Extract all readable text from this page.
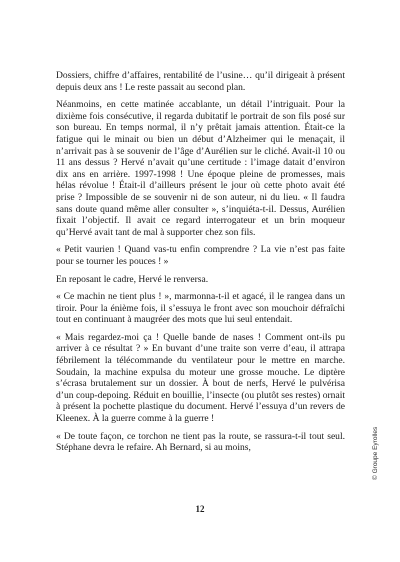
Dossiers, chiffre d’affaires, rentabilité de l’usine… qu’il dirigeait à présent depuis deux ans ! Le reste passait au second plan.

Néanmoins, en cette matinée accablante, un détail l’intriguait. Pour la dixième fois consécutive, il regarda dubitatif le portrait de son fils posé sur son bureau. En temps normal, il n’y prêtait jamais attention. Était-ce la fatigue qui le minait ou bien un début d’Alzheimer qui le menaçait, il n’arrivait pas à se souvenir de l’âge d’Aurélien sur le cliché. Avait-il 10 ou 11 ans dessus ? Hervé n’avait qu’une certitude : l’image datait d’environ dix ans en arrière. 1997-1998 ! Une époque pleine de promesses, mais hélas révolue ! Était-il d’ailleurs présent le jour où cette photo avait été prise ? Impossible de se souvenir ni de son auteur, ni du lieu. « Il faudra sans doute quand même aller consulter », s’inquiéta-t-il. Dessus, Aurélien fixait l’objectif. Il avait ce regard interrogateur et un brin moqueur qu’Hervé avait tant de mal à supporter chez son fils.

« Petit vaurien ! Quand vas-tu enfin comprendre ? La vie n’est pas faite pour se tourner les pouces ! »

En reposant le cadre, Hervé le renversa.

« Ce machin ne tient plus ! », marmonna-t-il et agacé, il le rangea dans un tiroir. Pour la énième fois, il s’essuya le front avec son mouchoir défraîchi tout en continuant à maugréer des mots que lui seul entendait.

« Mais regardez-moi ça ! Quelle bande de nases ! Comment ont-ils pu arriver à ce résultat ? » En buvant d’une traite son verre d’eau, il attrapa fébrilement la télécommande du ventilateur pour le mettre en marche. Soudain, la machine expulsa du moteur une grosse mouche. Le diptère s’écrasa brutalement sur un dossier. À bout de nerfs, Hervé le pulvérisa d’un coup-depoing. Réduit en bouillie, l’insecte (ou plutôt ses restes) ornait à présent la pochette plastique du document. Hervé l’essuya d’un revers de Kleenex. À la guerre comme à la guerre !

« De toute façon, ce torchon ne tient pas la route, se rassura-t-il tout seul. Stéphane devra le refaire. Ah Bernard, si au moins,	© Groupe Eyrolles
12
